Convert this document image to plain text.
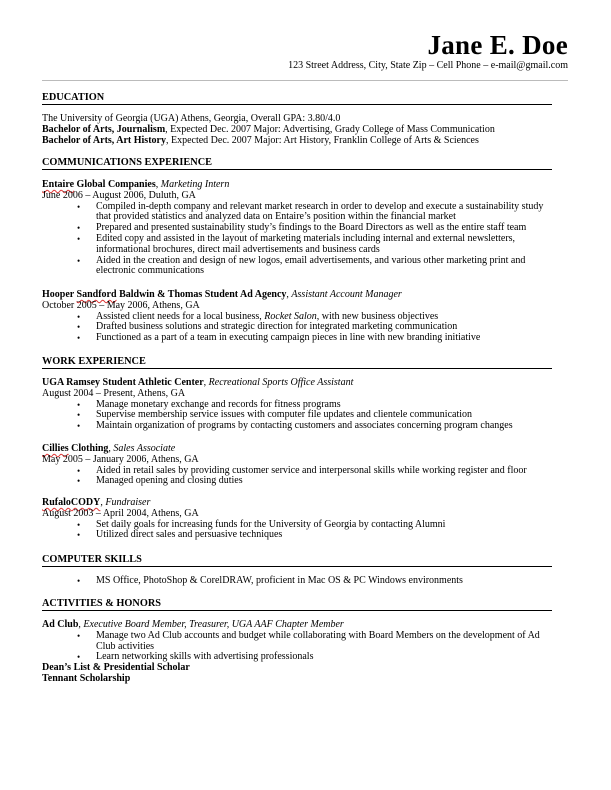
Jane E. Doe
123 Street Address, City, State Zip – Cell Phone – e-mail@gmail.com
EDUCATION
The University of Georgia (UGA) Athens, Georgia, Overall GPA: 3.80/4.0
Bachelor of Arts, Journalism, Expected Dec. 2007 Major: Advertising, Grady College of Mass Communication
Bachelor of Arts, Art History, Expected Dec. 2007 Major: Art History, Franklin College of Arts & Sciences
COMMUNICATIONS EXPERIENCE
Entaire Global Companies, Marketing Intern
June 2006 – August 2006, Duluth, GA
• Compiled in-depth company and relevant market research in order to develop and execute a sustainability study that provided statistics and analyzed data on Entaire’s position within the financial market
• Prepared and presented sustainability study’s findings to the Board Directors as well as the entire staff team
• Edited copy and assisted in the layout of marketing materials including internal and external newsletters, informational brochures, direct mail advertisements and business cards
• Aided in the creation and design of new logos, email advertisements, and various other marketing print and electronic communications
Hooper Sandford Baldwin & Thomas Student Ad Agency, Assistant Account Manager
October 2005 – May 2006, Athens, GA
• Assisted client needs for a local business, Rocket Salon, with new business objectives
• Drafted business solutions and strategic direction for integrated marketing communication
• Functioned as a part of a team in executing campaign pieces in line with new branding initiative
WORK EXPERIENCE
UGA Ramsey Student Athletic Center, Recreational Sports Office Assistant
August 2004 – Present, Athens, GA
• Manage monetary exchange and records for fitness programs
• Supervise membership service issues with computer file updates and clientele communication
• Maintain organization of programs by contacting customers and associates concerning program changes
Cillies Clothing, Sales Associate
May 2005 – January 2006, Athens, GA
• Aided in retail sales by providing customer service and interpersonal skills while working register and floor
• Managed opening and closing duties
RufaloCODY, Fundraiser
August 2003 – April 2004, Athens, GA
• Set daily goals for increasing funds for the University of Georgia by contacting Alumni
• Utilized direct sales and persuasive techniques
COMPUTER SKILLS
• MS Office, PhotoShop & CorelDRAW, proficient in Mac OS & PC Windows environments
ACTIVITIES & HONORS
Ad Club, Executive Board Member, Treasurer, UGA AAF Chapter Member
• Manage two Ad Club accounts and budget while collaborating with Board Members on the development of Ad Club activities
• Learn networking skills with advertising professionals
Dean’s List & Presidential Scholar
Tennant Scholarship
